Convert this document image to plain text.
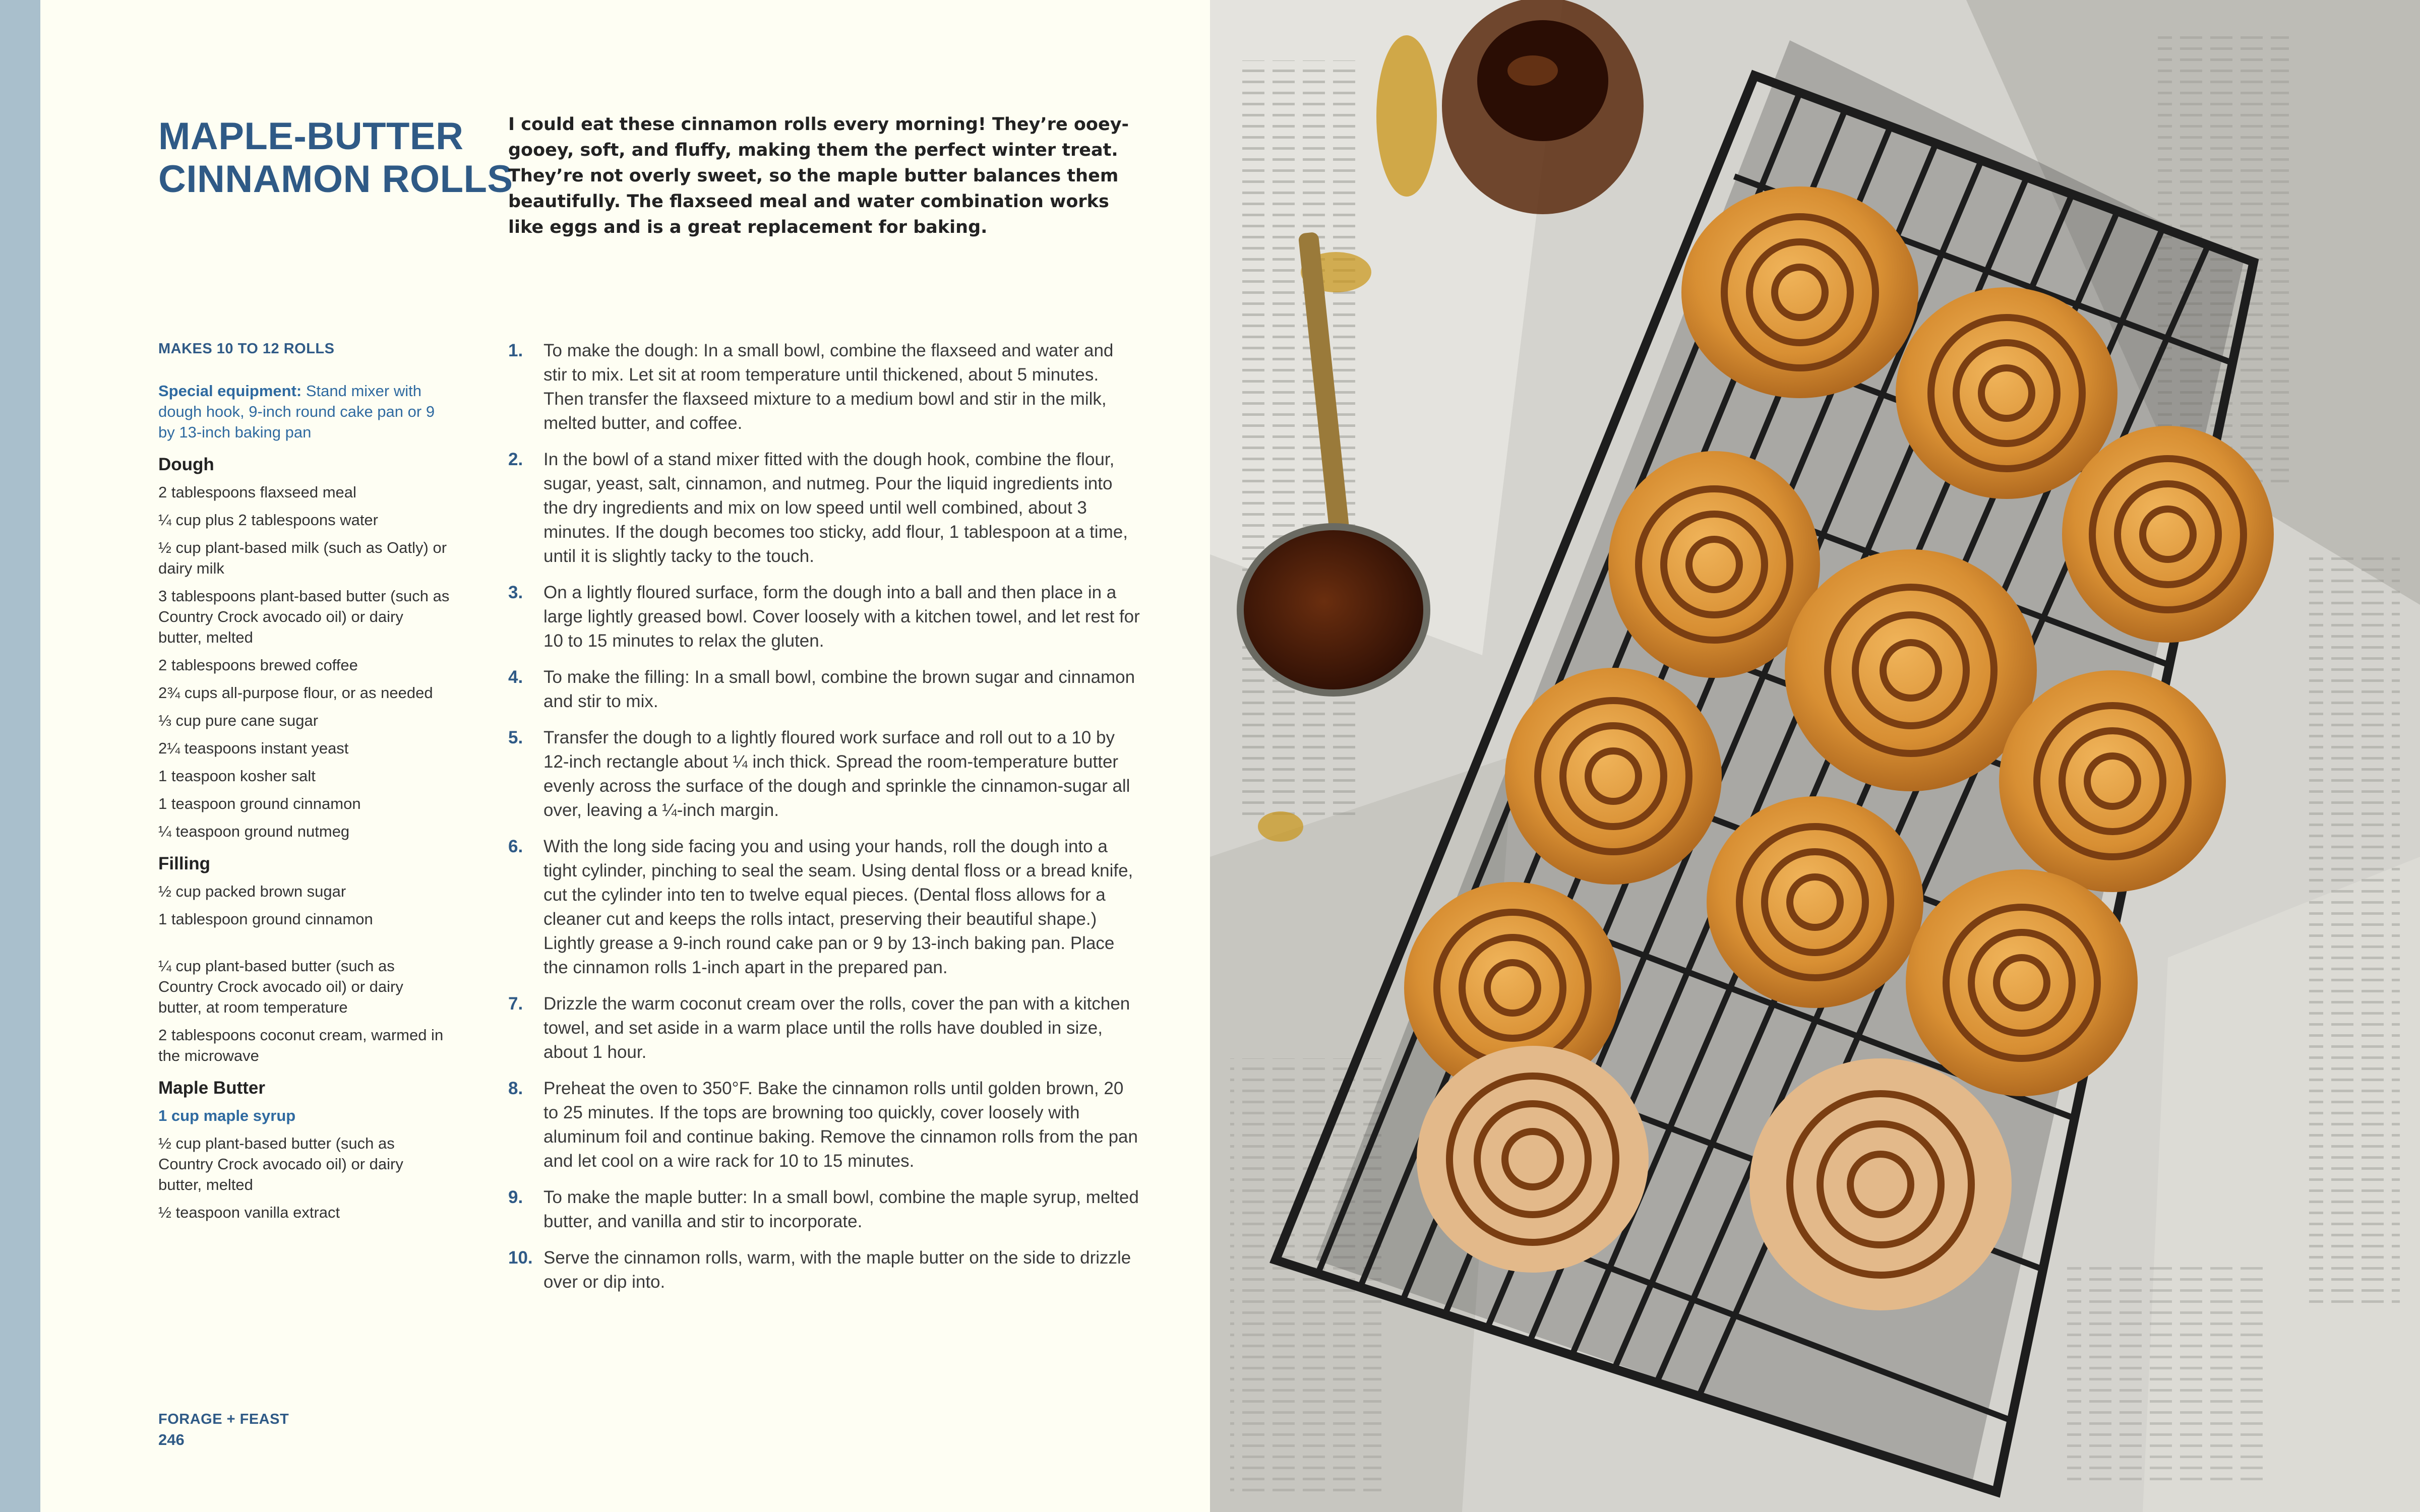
MAPLE-BUTTER
CINNAMON ROLLS

I could eat these cinnamon rolls every morning! They’re ooey-gooey, soft, and fluffy, making them the perfect winter treat. They’re not overly sweet, so the maple butter balances them beautifully. The flaxseed meal and water combination works like eggs and is a great replacement for baking.

MAKES 10 TO 12 ROLLS
Special equipment: Stand mixer with dough hook, 9-inch round cake pan or 9 by 13-inch baking pan
Dough
2 tablespoons flaxseed meal
¼ cup plus 2 tablespoons water
½ cup plant-based milk (such as Oatly) or dairy milk
3 tablespoons plant-based butter (such as Country Crock avocado oil) or dairy butter, melted
2 tablespoons brewed coffee
2¾ cups all-purpose flour, or as needed
⅓ cup pure cane sugar
2¼ teaspoons instant yeast
1 teaspoon kosher salt
1 teaspoon ground cinnamon
¼ teaspoon ground nutmeg
Filling
½ cup packed brown sugar
1 tablespoon ground cinnamon
¼ cup plant-based butter (such as Country Crock avocado oil) or dairy butter, at room temperature
2 tablespoons coconut cream, warmed in the microwave
Maple Butter
1 cup maple syrup
½ cup plant-based butter (such as Country Crock avocado oil) or dairy butter, melted
½ teaspoon vanilla extract
1. To make the dough: In a small bowl, combine the flaxseed and water and stir to mix. Let sit at room temperature until thickened, about 5 minutes. Then transfer the flaxseed mixture to a medium bowl and stir in the milk, melted butter, and coffee.
2. In the bowl of a stand mixer fitted with the dough hook, combine the flour, sugar, yeast, salt, cinnamon, and nutmeg. Pour the liquid ingredients into the dry ingredients and mix on low speed until well combined, about 3 minutes. If the dough becomes too sticky, add flour, 1 tablespoon at a time, until it is slightly tacky to the touch.
3. On a lightly floured surface, form the dough into a ball and then place in a large lightly greased bowl. Cover loosely with a kitchen towel, and let rest for 10 to 15 minutes to relax the gluten.
4. To make the filling: In a small bowl, combine the brown sugar and cinnamon and stir to mix.
5. Transfer the dough to a lightly floured work surface and roll out to a 10 by 12-inch rectangle about ¼ inch thick. Spread the room-temperature butter evenly across the surface of the dough and sprinkle the cinnamon-sugar all over, leaving a ¼-inch margin.
6. With the long side facing you and using your hands, roll the dough into a tight cylinder, pinching to seal the seam. Using dental floss or a bread knife, cut the cylinder into ten to twelve equal pieces. (Dental floss allows for a cleaner cut and keeps the rolls intact, preserving their beautiful shape.) Lightly grease a 9-inch round cake pan or 9 by 13-inch baking pan. Place the cinnamon rolls 1-inch apart in the prepared pan.
7. Drizzle the warm coconut cream over the rolls, cover the pan with a kitchen towel, and set aside in a warm place until the rolls have doubled in size, about 1 hour.
8. Preheat the oven to 350°F. Bake the cinnamon rolls until golden brown, 20 to 25 minutes. If the tops are browning too quickly, cover loosely with aluminum foil and continue baking. Remove the cinnamon rolls from the pan and let cool on a wire rack for 10 to 15 minutes.
9. To make the maple butter: In a small bowl, combine the maple syrup, melted butter, and vanilla and stir to incorporate.
10. Serve the cinnamon rolls, warm, with the maple butter on the side to drizzle over or dip into.
FORAGE + FEAST
246
